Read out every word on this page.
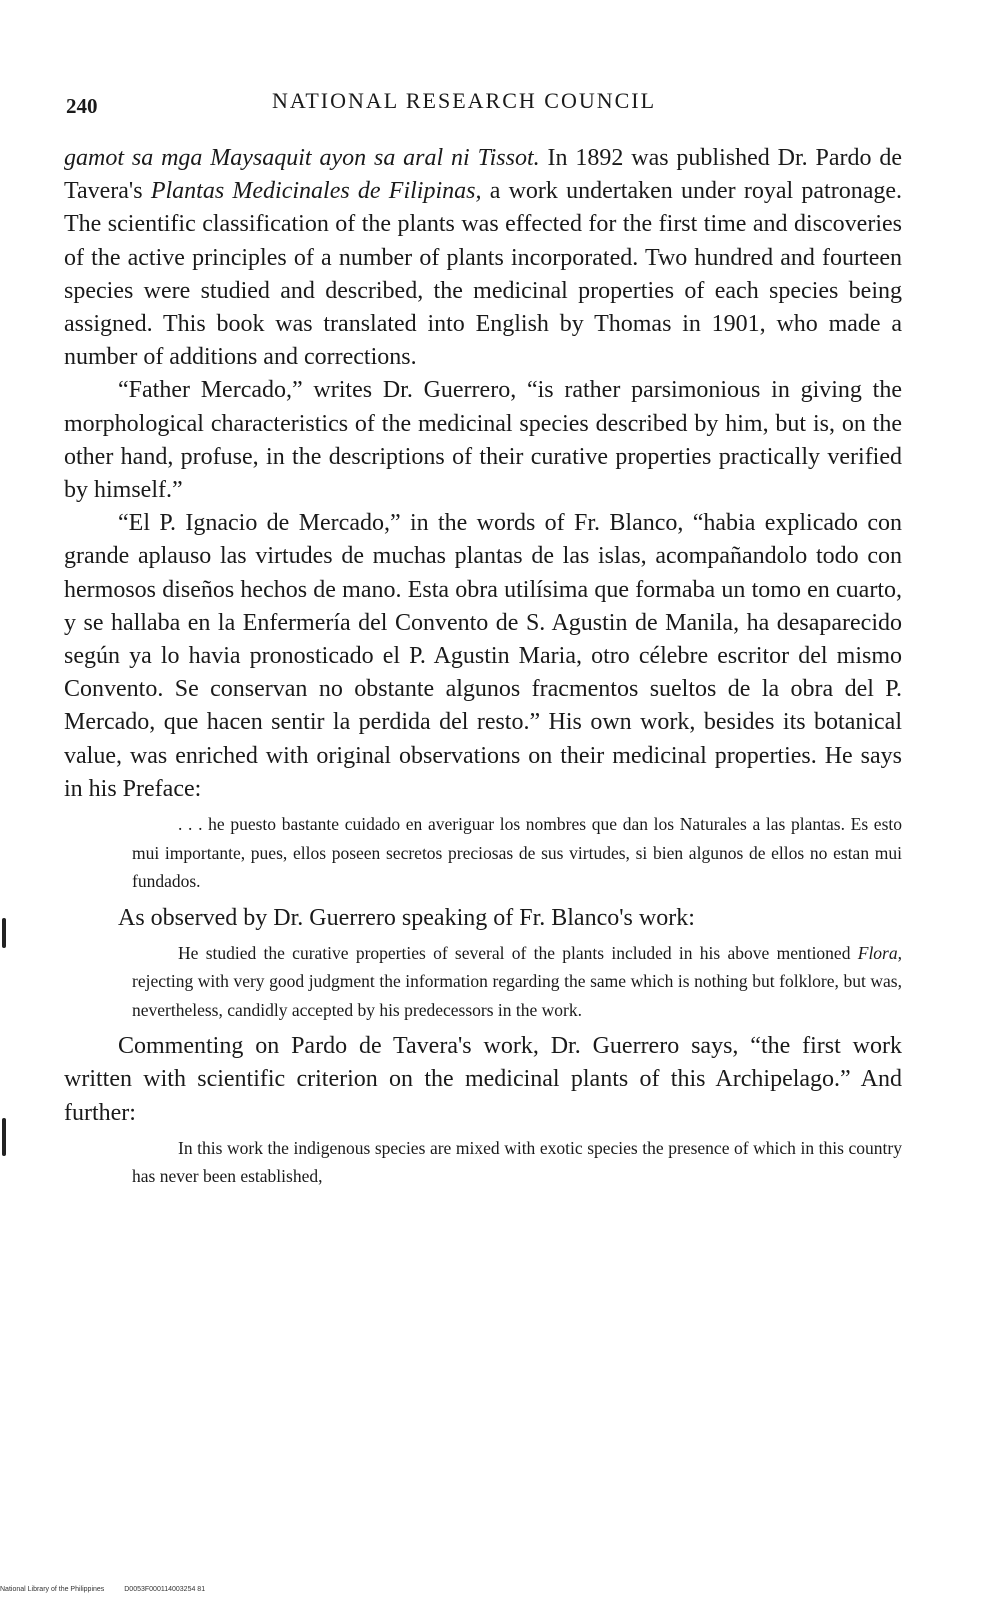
240	NATIONAL RESEARCH COUNCIL

gamot sa mga Maysaquit ayon sa aral ni Tissot. In 1892 was published Dr. Pardo de Tavera's Plantas Medicinales de Filipinas, a work undertaken under royal patronage. The scientific classification of the plants was effected for the first time and discoveries of the active principles of a number of plants incorporated. Two hundred and fourteen species were studied and described, the medicinal properties of each species being assigned. This book was translated into English by Thomas in 1901, who made a number of additions and corrections.

“Father Mercado,” writes Dr. Guerrero, “is rather parsimonious in giving the morphological characteristics of the medicinal species described by him, but is, on the other hand, profuse, in the descriptions of their curative properties practically verified by himself.”

“El P. Ignacio de Mercado,” in the words of Fr. Blanco, “habia explicado con grande aplauso las virtudes de muchas plantas de las islas, acompañandolo todo con hermosos diseños hechos de mano. Esta obra utilísima que formaba un tomo en cuarto, y se hallaba en la Enfermería del Convento de S. Agustin de Manila, ha desaparecido según ya lo havia pronosticado el P. Agustin Maria, otro célebre escritor del mismo Convento. Se conservan no obstante algunos fracmentos sueltos de la obra del P. Mercado, que hacen sentir la perdida del resto.” His own work, besides its botanical value, was enriched with original observations on their medicinal properties. He says in his Preface:

. . . he puesto bastante cuidado en averiguar los nombres que dan los Naturales a las plantas. Es esto mui importante, pues, ellos poseen secretos preciosas de sus virtudes, si bien algunos de ellos no estan mui fundados.

As observed by Dr. Guerrero speaking of Fr. Blanco's work:

He studied the curative properties of several of the plants included in his above mentioned Flora, rejecting with very good judgment the information regarding the same which is nothing but folklore, but was, nevertheless, candidly accepted by his predecessors in the work.

Commenting on Pardo de Tavera's work, Dr. Guerrero says, “the first work written with scientific criterion on the medicinal plants of this Archipelago.” And further:

In this work the indigenous species are mixed with exotic species the presence of which in this country has never been established,

National Library of the Philippines	D0053F000114003254 81
